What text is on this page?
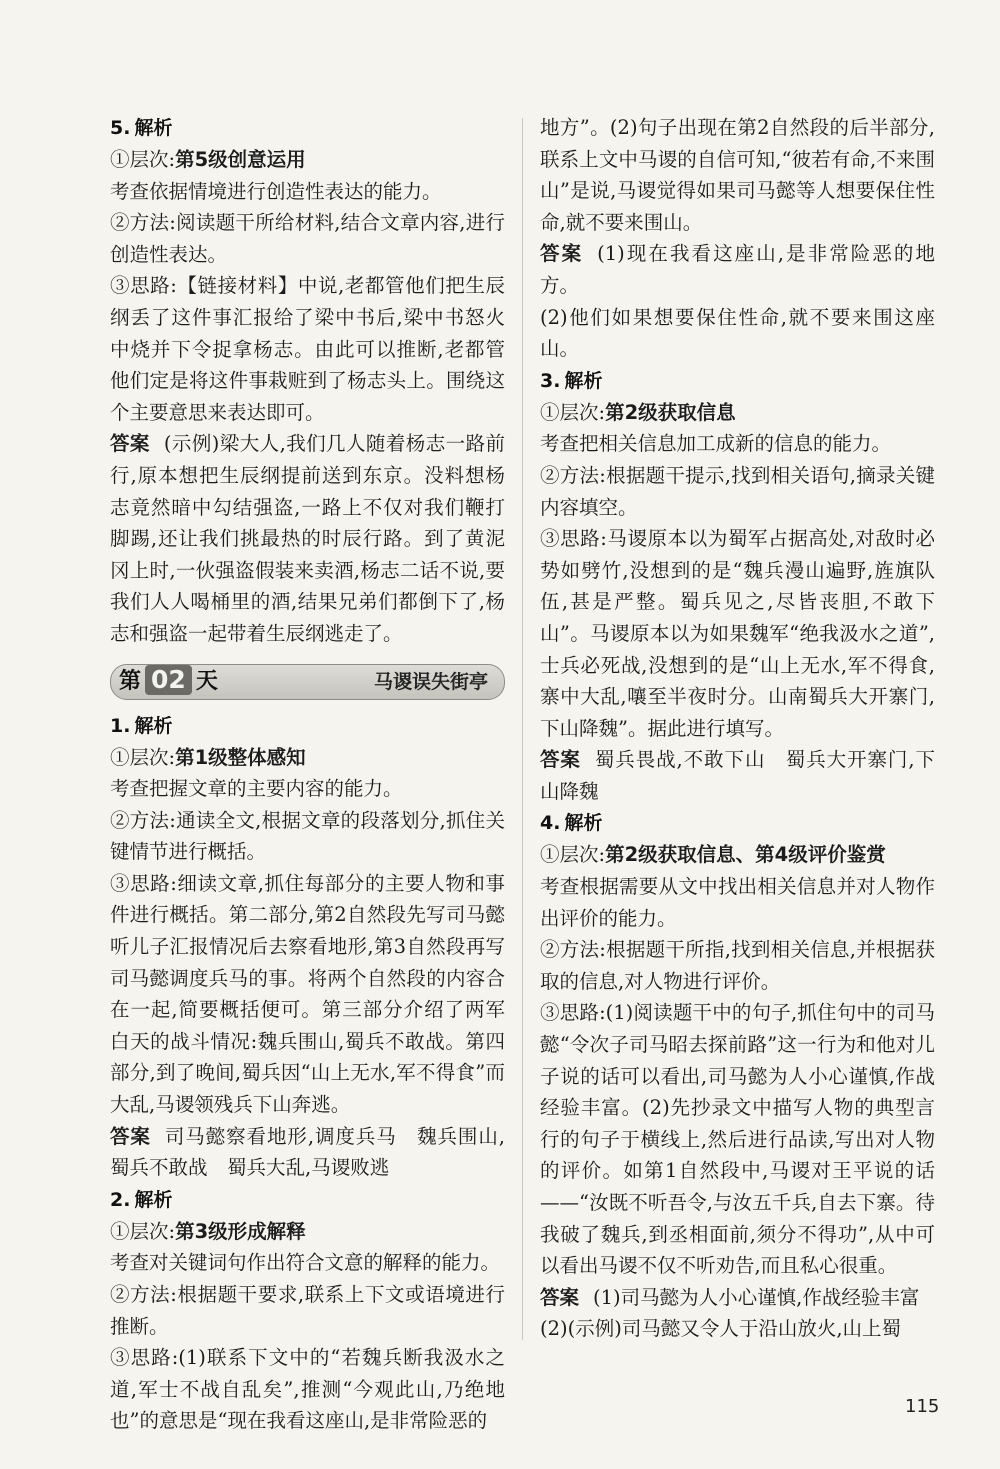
5. 解析

①层次:第5级创意运用

考查依据情境进行创造性表达的能力。

②方法:阅读题干所给材料,结合文章内容,进行创造性表达。

③思路:【链接材料】中说,老都管他们把生辰纲丢了这件事汇报给了梁中书后,梁中书怒火中烧并下令捉拿杨志。由此可以推断,老都管他们定是将这件事栽赃到了杨志头上。围绕这个主要意思来表达即可。

答案 (示例)梁大人,我们几人随着杨志一路前行,原本想把生辰纲提前送到东京。没料想杨志竟然暗中勾结强盗,一路上不仅对我们鞭打脚踢,还让我们挑最热的时辰行路。到了黄泥冈上时,一伙强盗假装来卖酒,杨志二话不说,要我们人人喝桶里的酒,结果兄弟们都倒下了,杨志和强盗一起带着生辰纲逃走了。

第 02 天	马谡误失街亭
1. 解析

①层次:第1级整体感知

考查把握文章的主要内容的能力。

②方法:通读全文,根据文章的段落划分,抓住关键情节进行概括。

③思路:细读文章,抓住每部分的主要人物和事件进行概括。第二部分,第2自然段先写司马懿听儿子汇报情况后去察看地形,第3自然段再写司马懿调度兵马的事。将两个自然段的内容合在一起,简要概括便可。第三部分介绍了两军白天的战斗情况:魏兵围山,蜀兵不敢战。第四部分,到了晚间,蜀兵因“山上无水,军不得食”而大乱,马谡领残兵下山奔逃。

答案 司马懿察看地形,调度兵马　魏兵围山,蜀兵不敢战　蜀兵大乱,马谡败逃

2. 解析

①层次:第3级形成解释

考查对关键词句作出符合文意的解释的能力。

②方法:根据题干要求,联系上下文或语境进行推断。

③思路:(1)联系下文中的“若魏兵断我汲水之道,军士不战自乱矣”,推测“今观此山,乃绝地也”的意思是“现在我看这座山,是非常险恶的

地方”。(2)句子出现在第2自然段的后半部分,联系上文中马谡的自信可知,“彼若有命,不来围山”是说,马谡觉得如果司马懿等人想要保住性命,就不要来围山。

答案 (1)现在我看这座山,是非常险恶的地方。

(2)他们如果想要保住性命,就不要来围这座山。

3. 解析

①层次:第2级获取信息

考查把相关信息加工成新的信息的能力。

②方法:根据题干提示,找到相关语句,摘录关键内容填空。

③思路:马谡原本以为蜀军占据高处,对敌时必势如劈竹,没想到的是“魏兵漫山遍野,旌旗队伍,甚是严整。蜀兵见之,尽皆丧胆,不敢下山”。马谡原本以为如果魏军“绝我汲水之道”,士兵必死战,没想到的是“山上无水,军不得食,寨中大乱,嚷至半夜时分。山南蜀兵大开寨门,下山降魏”。据此进行填写。

答案 蜀兵畏战,不敢下山　蜀兵大开寨门,下山降魏

4. 解析

①层次:第2级获取信息、第4级评价鉴赏

考查根据需要从文中找出相关信息并对人物作出评价的能力。

②方法:根据题干所指,找到相关信息,并根据获取的信息,对人物进行评价。

③思路:(1)阅读题干中的句子,抓住句中的司马懿“令次子司马昭去探前路”这一行为和他对儿子说的话可以看出,司马懿为人小心谨慎,作战经验丰富。(2)先抄录文中描写人物的典型言行的句子于横线上,然后进行品读,写出对人物的评价。如第1自然段中,马谡对王平说的话——“汝既不听吾令,与汝五千兵,自去下寨。待我破了魏兵,到丞相面前,须分不得功”,从中可以看出马谡不仅不听劝告,而且私心很重。

答案 (1)司马懿为人小心谨慎,作战经验丰富

(2)(示例)司马懿又令人于沿山放火,山上蜀

115
